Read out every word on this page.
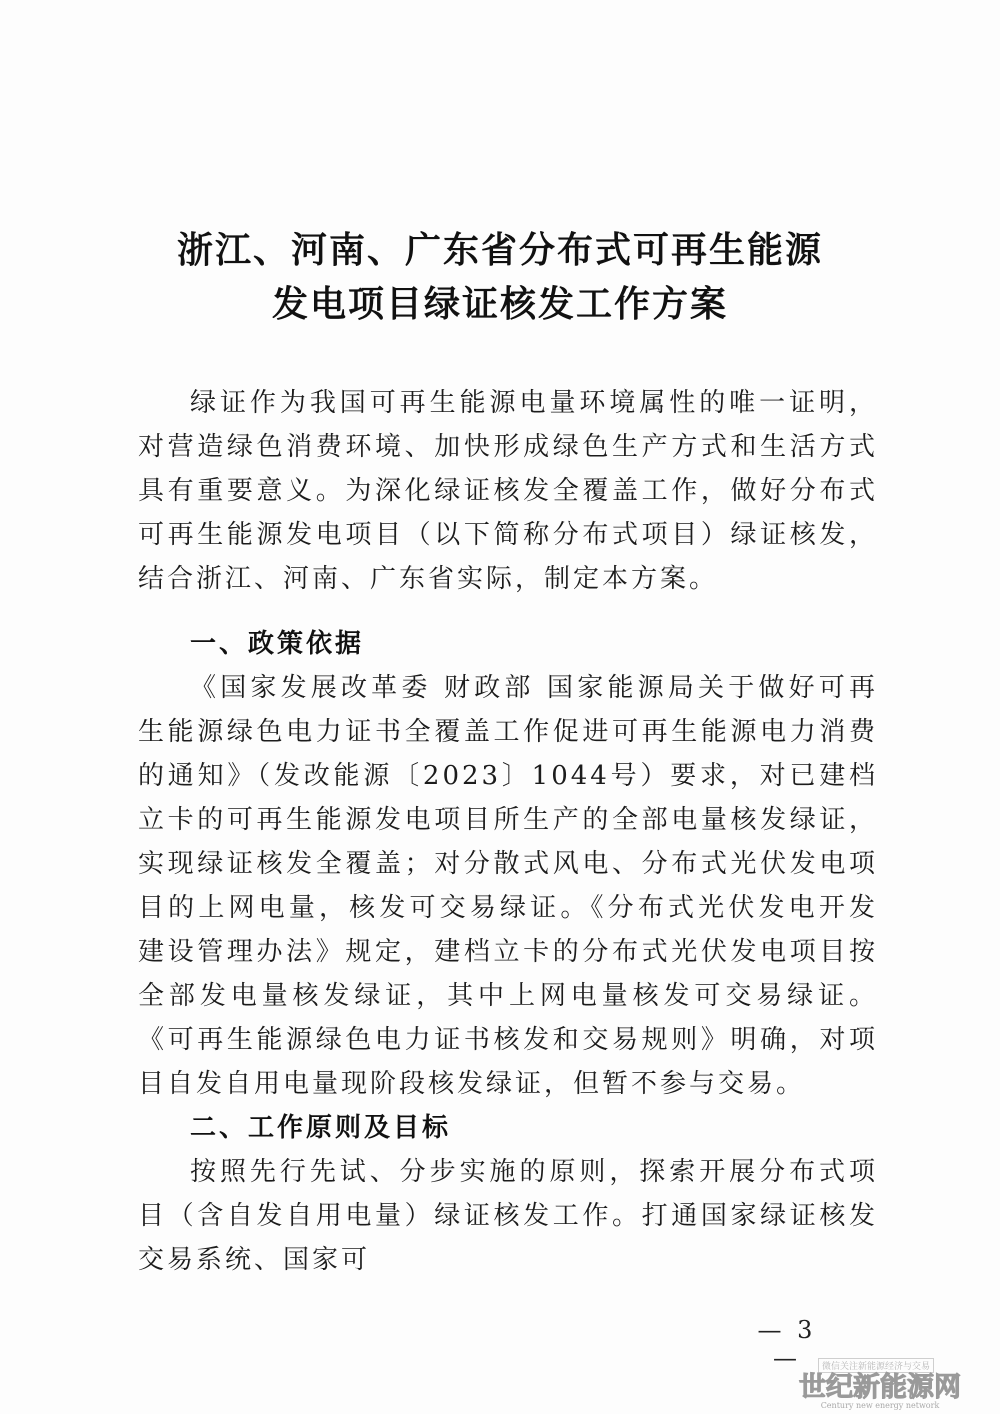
浙江、河南、广东省分布式可再生能源
发电项目绿证核发工作方案

绿证作为我国可再生能源电量环境属性的唯一证明，对营造绿色消费环境、加快形成绿色生产方式和生活方式具有重要意义。为深化绿证核发全覆盖工作，做好分布式可再生能源发电项目（以下简称分布式项目）绿证核发，结合浙江、河南、广东省实际，制定本方案。

一、政策依据

《国家发展改革委 财政部 国家能源局关于做好可再生能源绿色电力证书全覆盖工作促进可再生能源电力消费的通知》（发改能源〔2023〕1044号）要求，对已建档立卡的可再生能源发电项目所生产的全部电量核发绿证，实现绿证核发全覆盖；对分散式风电、分布式光伏发电项目的上网电量，核发可交易绿证。《分布式光伏发电开发建设管理办法》规定，建档立卡的分布式光伏发电项目按全部发电量核发绿证，其中上网电量核发可交易绿证。《可再生能源绿色电力证书核发和交易规则》明确，对项目自发自用电量现阶段核发绿证，但暂不参与交易。

二、工作原则及目标

按照先行先试、分步实施的原则，探索开展分布式项目（含自发自用电量）绿证核发工作。打通国家绿证核发交易系统、国家可

— 3 —	微信关注新能源经济与交易
世纪新能源网
Century new energy network
